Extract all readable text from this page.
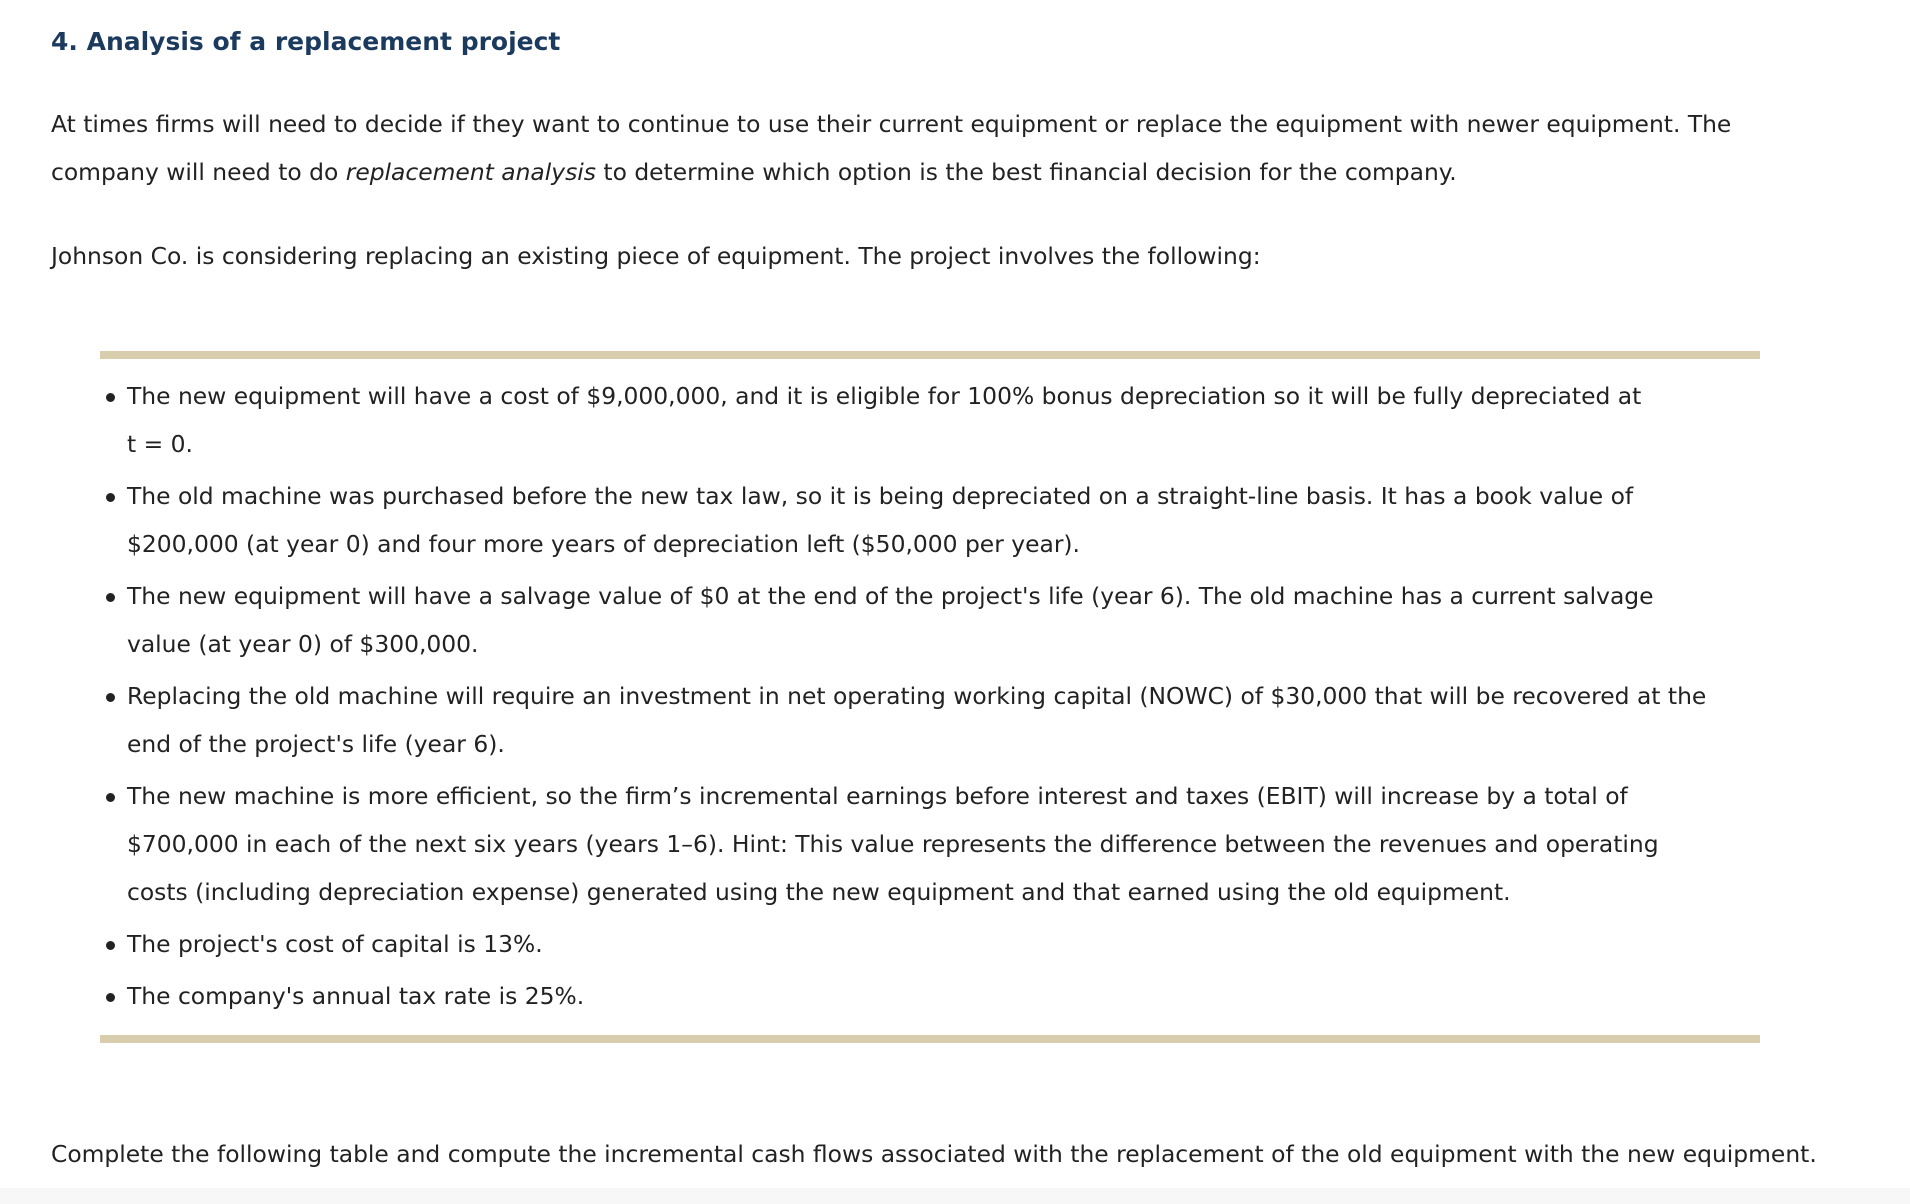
4. Analysis of a replacement project

At times firms will need to decide if they want to continue to use their current equipment or replace the equipment with newer equipment. The
company will need to do replacement analysis to determine which option is the best financial decision for the company.

Johnson Co. is considering replacing an existing piece of equipment. The project involves the following:

The new equipment will have a cost of $9,000,000, and it is eligible for 100% bonus depreciation so it will be fully depreciated at
t = 0.
The old machine was purchased before the new tax law, so it is being depreciated on a straight-line basis. It has a book value of
$200,000 (at year 0) and four more years of depreciation left ($50,000 per year).
The new equipment will have a salvage value of $0 at the end of the project's life (year 6). The old machine has a current salvage
value (at year 0) of $300,000.
Replacing the old machine will require an investment in net operating working capital (NOWC) of $30,000 that will be recovered at the
end of the project's life (year 6).
The new machine is more efficient, so the firm’s incremental earnings before interest and taxes (EBIT) will increase by a total of
$700,000 in each of the next six years (years 1–6). Hint: This value represents the difference between the revenues and operating
costs (including depreciation expense) generated using the new equipment and that earned using the old equipment.
The project's cost of capital is 13%.
The company's annual tax rate is 25%.

Complete the following table and compute the incremental cash flows associated with the replacement of the old equipment with the new equipment.
